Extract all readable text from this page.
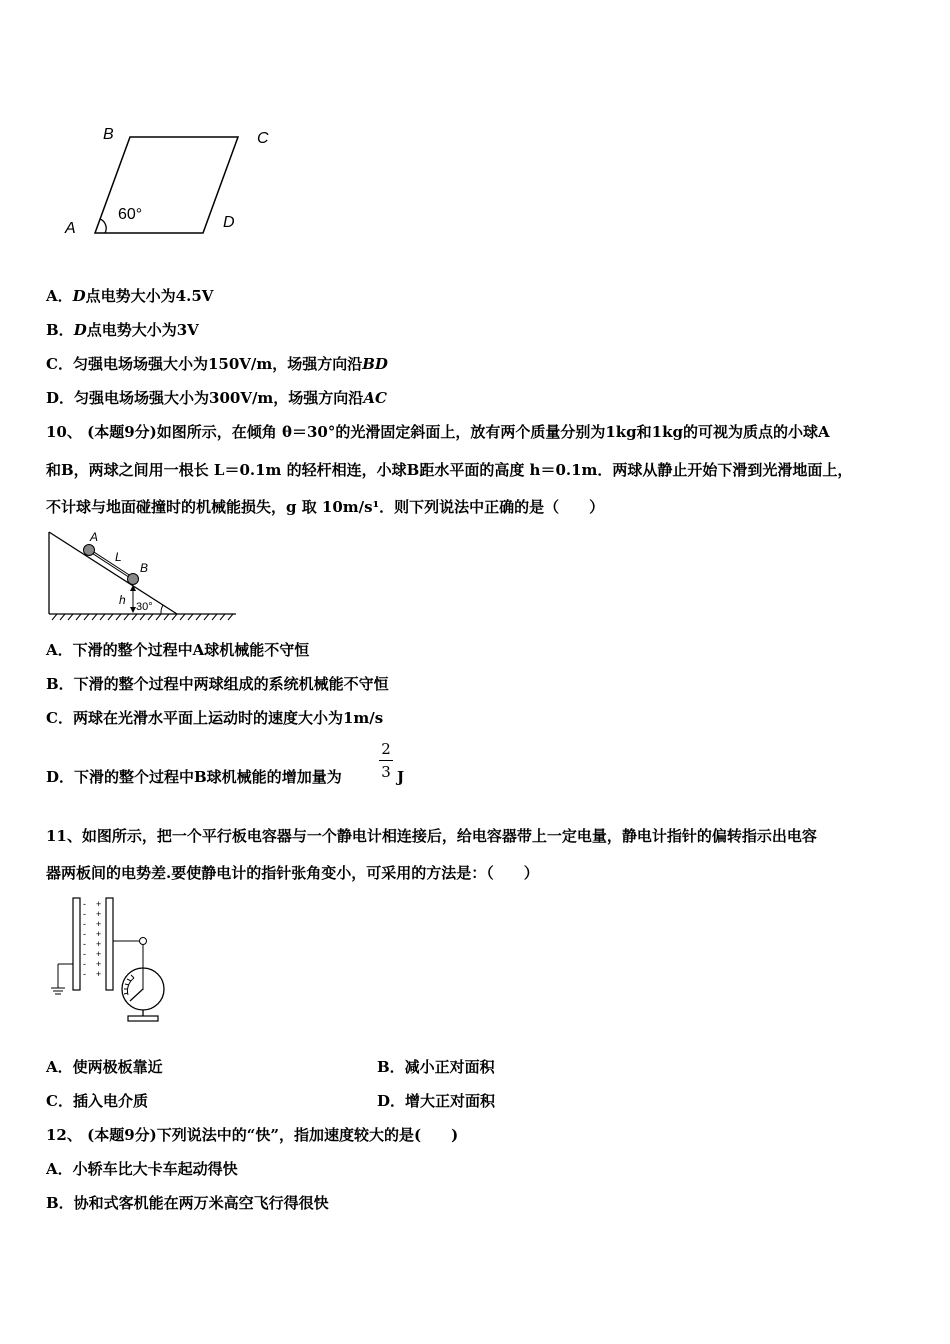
B	C
A	D
60°
A．D点电势大小为4.5V
B．D点电势大小为3V
C．匀强电场场强大小为150V/m，场强方向沿BD
D．匀强电场场强大小为300V/m，场强方向沿AC
10、 (本题9分)如图所示，在倾角 θ＝30°的光滑固定斜面上，放有两个质量分别为1kg和1kg的可视为质点的小球A
和B，两球之间用一根长 L＝0.1m 的轻杆相连，小球B距水平面的高度 h＝0.1m．两球从静止开始下滑到光滑地面上，
不计球与地面碰撞时的机械能损失，g 取 10m/s¹．则下列说法中正确的是（　　）
A
L
B
h 30°
A．下滑的整个过程中A球机械能不守恒
B．下滑的整个过程中两球组成的系统机械能不守恒
C．两球在光滑水平面上运动时的速度大小为1m/s
D．下滑的整个过程中B球机械能的增加量为
2
3 J
11、如图所示，把一个平行板电容器与一个静电计相连接后，给电容器带上一定电量，静电计指针的偏转指示出电容
器两板间的电势差.要使静电计的指针张角变小，可采用的方法是：（　　）
-
-
-
-
-
-
-
-
+
+
+
+
+
+
+
+
A．使两极板靠近	B．减小正对面积
C．插入电介质	D．增大正对面积
12、 (本题9分)下列说法中的“快”，指加速度较大的是(　　)
A．小轿车比大卡车起动得快
B．协和式客机能在两万米高空飞行得很快
